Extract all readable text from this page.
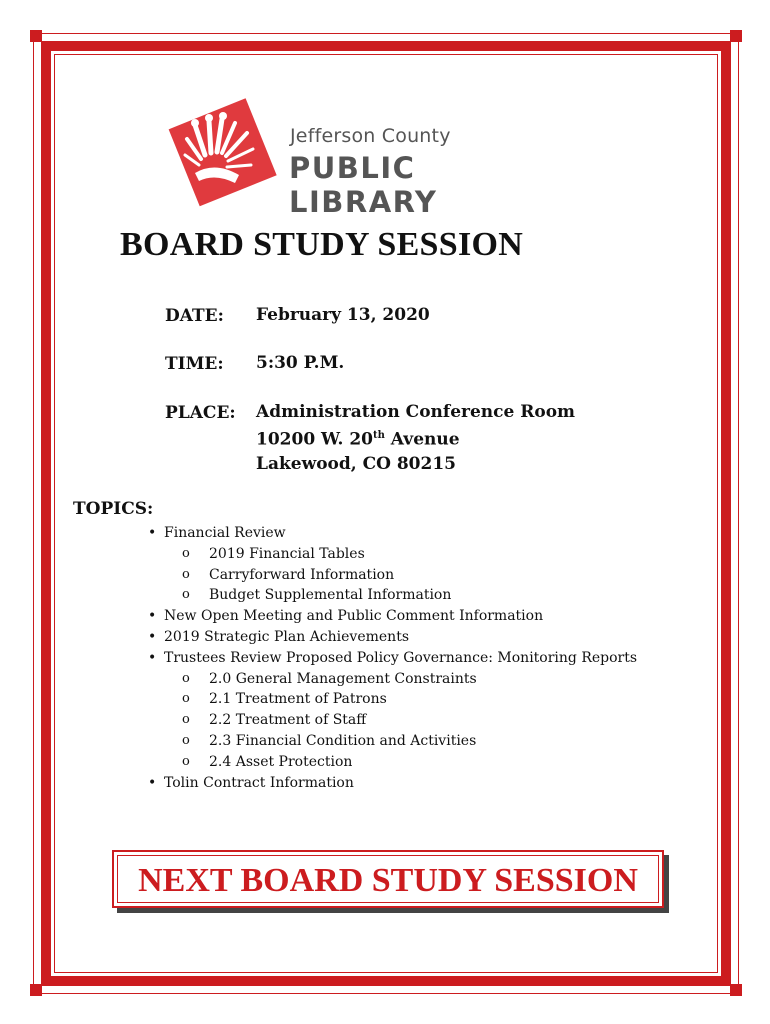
Jefferson County
PUBLIC LIBRARY
BOARD STUDY SESSION
DATE: February 13, 2020
TIME: 5:30 P.M.
PLACE: Administration Conference Room
10200 W. 20th Avenue
Lakewood, CO 80215
TOPICS:
• Financial Review
o 2019 Financial Tables
o Carryforward Information
o Budget Supplemental Information
• New Open Meeting and Public Comment Information
• 2019 Strategic Plan Achievements
• Trustees Review Proposed Policy Governance: Monitoring Reports
o 2.0 General Management Constraints
o 2.1 Treatment of Patrons
o 2.2 Treatment of Staff
o 2.3 Financial Condition and Activities
o 2.4 Asset Protection
• Tolin Contract Information
NEXT BOARD STUDY SESSION
